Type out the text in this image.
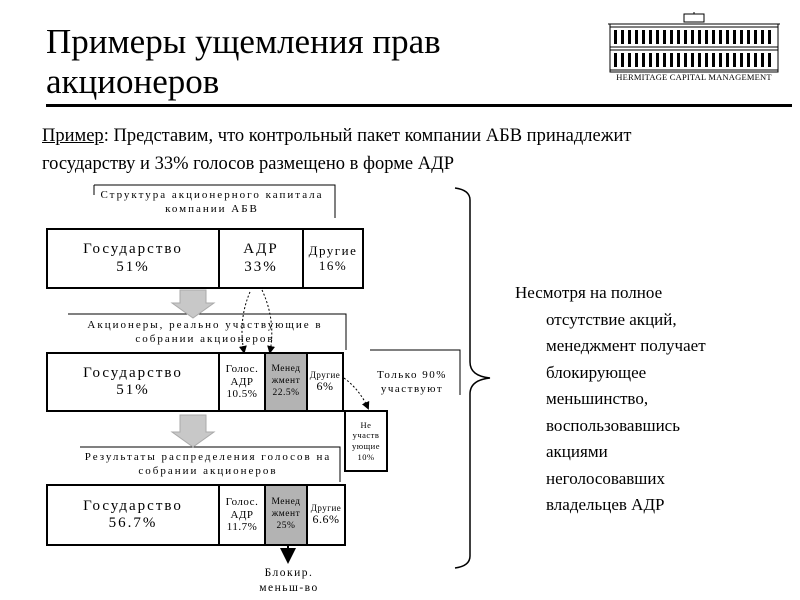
Примеры ущемления прав
акционеров	HERMITAGE CAPITAL MANAGEMENT
Пример: Представим, что контрольный пакет компании АБВ принадлежит
государству и 33% голосов размещено в форме АДР
Структура акционерного капитала
компании АБВ
Государство
51%
АДР
33%
Другие
16%
Акционеры, реально участвующие в
собрании акционеров
Государство
51%
Голос.
АДР
10.5%
Менед
жмент
22.5%
Другие
6%
Только 90%
участвуют
Не
участв
ующие
10%
Результаты распределения голосов на
собрании акционеров
Государство
56.7%
Голос.
АДР
11.7%
Менед
жмент
25%
Другие
6.6%
Блокир.
меньш-во
Несмотря на полное
отсутствие акций,
менеджмент получает
блокирующее
меньшинство,
воспользовавшись
акциями
неголосовавших
владельцев АДР
